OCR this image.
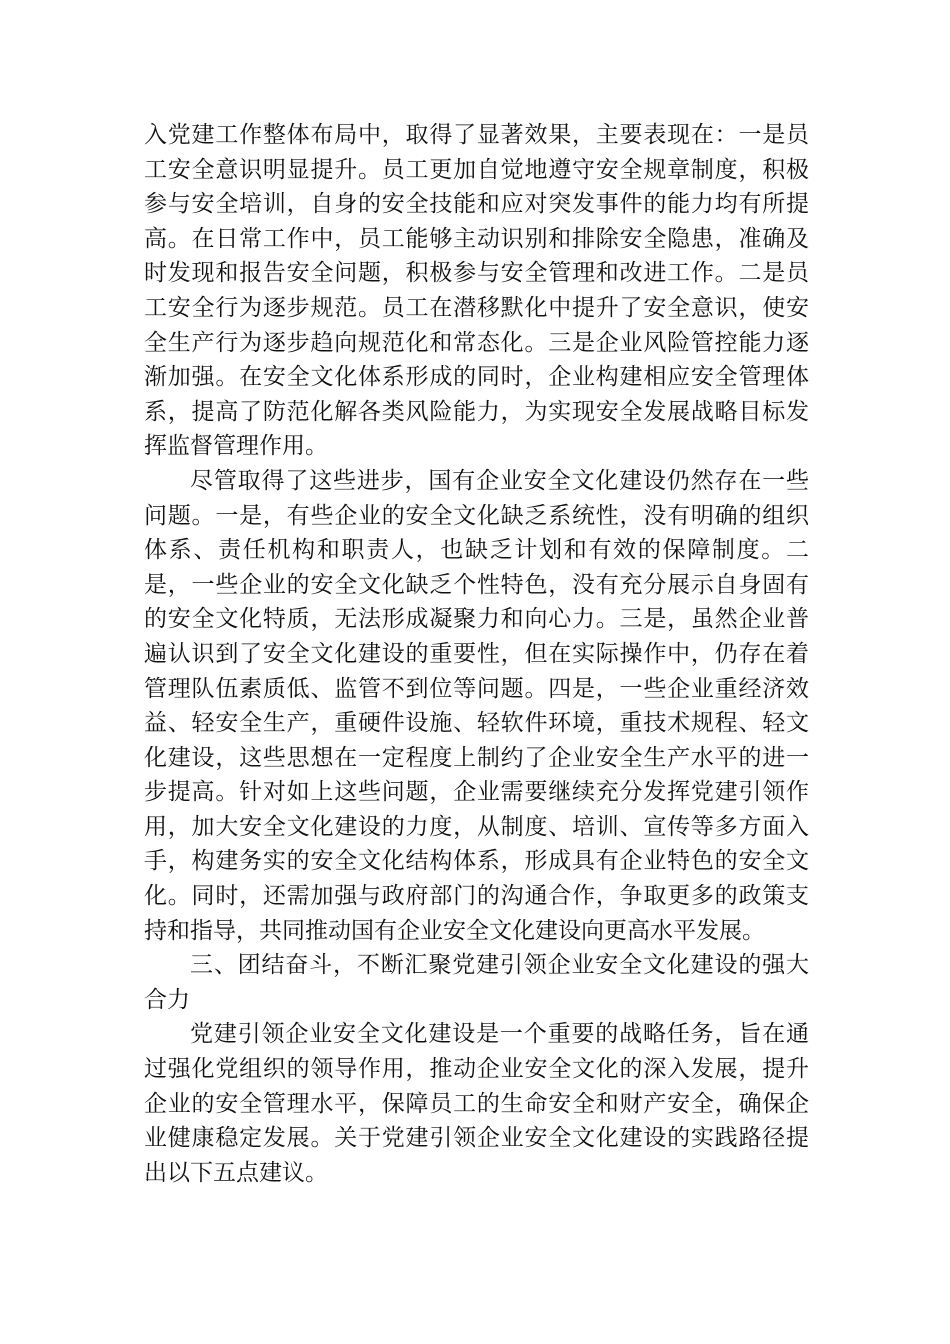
入党建工作整体布局中，取得了显著效果，主要表现在：一是员工安全意识明显提升。员工更加自觉地遵守安全规章制度，积极参与安全培训，自身的安全技能和应对突发事件的能力均有所提高。在日常工作中，员工能够主动识别和排除安全隐患，准确及时发现和报告安全问题，积极参与安全管理和改进工作。二是员工安全行为逐步规范。员工在潜移默化中提升了安全意识，使安全生产行为逐步趋向规范化和常态化。三是企业风险管控能力逐渐加强。在安全文化体系形成的同时，企业构建相应安全管理体系，提高了防范化解各类风险能力，为实现安全发展战略目标发挥监督管理作用。

尽管取得了这些进步，国有企业安全文化建设仍然存在一些问题。一是，有些企业的安全文化缺乏系统性，没有明确的组织体系、责任机构和职责人，也缺乏计划和有效的保障制度。二是，一些企业的安全文化缺乏个性特色，没有充分展示自身固有的安全文化特质，无法形成凝聚力和向心力。三是，虽然企业普遍认识到了安全文化建设的重要性，但在实际操作中，仍存在着管理队伍素质低、监管不到位等问题。四是，一些企业重经济效益、轻安全生产，重硬件设施、轻软件环境，重技术规程、轻文化建设，这些思想在一定程度上制约了企业安全生产水平的进一步提高。针对如上这些问题，企业需要继续充分发挥党建引领作用，加大安全文化建设的力度，从制度、培训、宣传等多方面入手，构建务实的安全文化结构体系，形成具有企业特色的安全文化。同时，还需加强与政府部门的沟通合作，争取更多的政策支持和指导，共同推动国有企业安全文化建设向更高水平发展。

三、团结奋斗，不断汇聚党建引领企业安全文化建设的强大合力

党建引领企业安全文化建设是一个重要的战略任务，旨在通过强化党组织的领导作用，推动企业安全文化的深入发展，提升企业的安全管理水平，保障员工的生命安全和财产安全，确保企业健康稳定发展。关于党建引领企业安全文化建设的实践路径提出以下五点建议。
